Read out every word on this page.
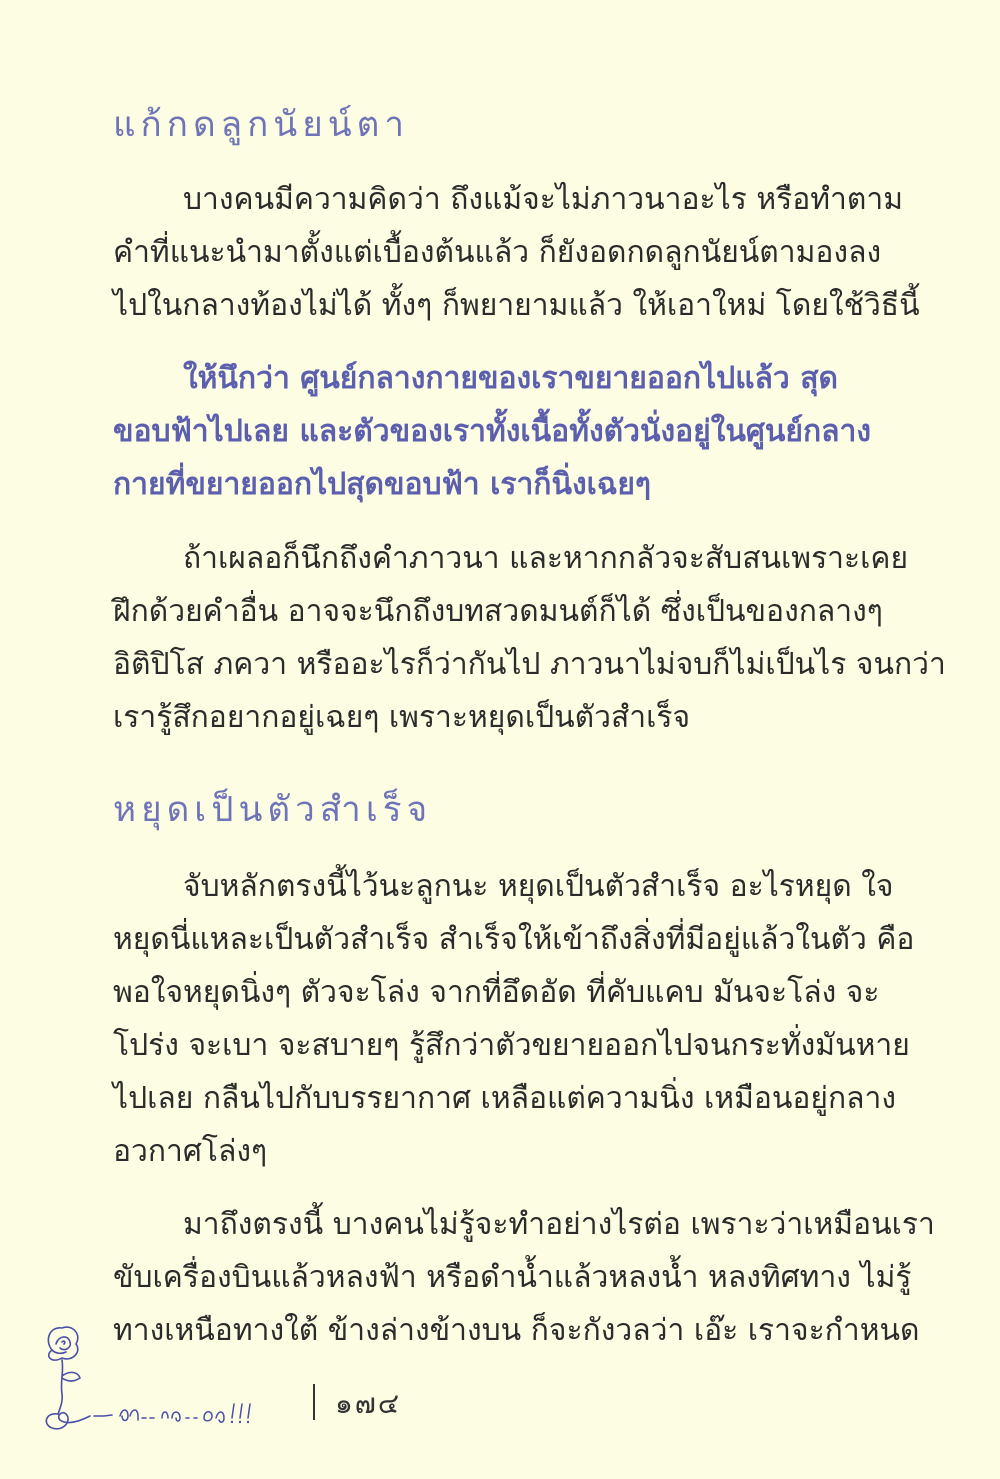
แก้กดลูกนัยน์ตา

บางคนมีความคิดว่า ถึงแม้จะไม่ภาวนาอะไร หรือทำตาม
คำที่แนะนำมาตั้งแต่เบื้องต้นแล้ว ก็ยังอดกดลูกนัยน์ตามองลง
ไปในกลางท้องไม่ได้ ทั้งๆ ก็พยายามแล้ว ให้เอาใหม่ โดยใช้วิธีนี้

ให้นึกว่า ศูนย์กลางกายของเราขยายออกไปแล้ว สุด
ขอบฟ้าไปเลย และตัวของเราทั้งเนื้อทั้งตัวนั่งอยู่ในศูนย์กลาง
กายที่ขยายออกไปสุดขอบฟ้า เราก็นิ่งเฉยๆ

ถ้าเผลอก็นึกถึงคำภาวนา และหากกลัวจะสับสนเพราะเคย
ฝึกด้วยคำอื่น อาจจะนึกถึงบทสวดมนต์ก็ได้ ซึ่งเป็นของกลางๆ
อิติปิโส ภควา หรืออะไรก็ว่ากันไป ภาวนาไม่จบก็ไม่เป็นไร จนกว่า
เรารู้สึกอยากอยู่เฉยๆ เพราะหยุดเป็นตัวสำเร็จ

หยุดเป็นตัวสำเร็จ

จับหลักตรงนี้ไว้นะลูกนะ หยุดเป็นตัวสำเร็จ อะไรหยุด ใจ
หยุดนี่แหละเป็นตัวสำเร็จ สำเร็จให้เข้าถึงสิ่งที่มีอยู่แล้วในตัว คือ
พอใจหยุดนิ่งๆ ตัวจะโล่ง จากที่อึดอัด ที่คับแคบ มันจะโล่ง จะ
โปร่ง จะเบา จะสบายๆ รู้สึกว่าตัวขยายออกไปจนกระทั่งมันหาย
ไปเลย กลืนไปกับบรรยากาศ เหลือแต่ความนิ่ง เหมือนอยู่กลาง
อวกาศโล่งๆ

มาถึงตรงนี้ บางคนไม่รู้จะทำอย่างไรต่อ เพราะว่าเหมือนเรา
ขับเครื่องบินแล้วหลงฟ้า หรือดำน้ำแล้วหลงน้ำ หลงทิศทาง ไม่รู้
ทางเหนือทางใต้ ข้างล่างข้างบน ก็จะกังวลว่า เอ๊ะ เราจะกำหนด

๑๗๔
